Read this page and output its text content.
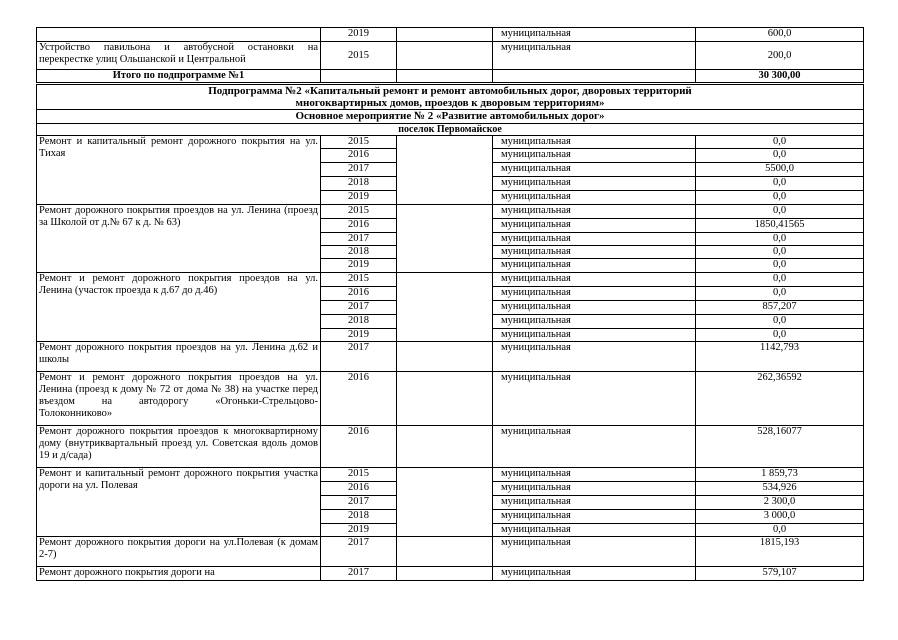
	2019		муниципальная	600,0
Устройство павильона и автобусной остановки на перекрестке улиц Ольшанской и Центральной	2015		муниципальная	200,0
Итого по подпрограмме №1				30 300,00
Подпрограмма №2 «Капитальный ремонт и ремонт автомобильных дорог, дворовых территорий многоквартирных домов, проездов к дворовым территориям»				
Основное мероприятие № 2 «Развитие автомобильных дорог»				
поселок Первомайское				
Ремонт и капитальный ремонт дорожного покрытия на ул. Тихая	2015		муниципальная	0,0
	2016		муниципальная	0,0
	2017		муниципальная	5500,0
	2018		муниципальная	0,0
	2019		муниципальная	0,0
Ремонт дорожного покрытия проездов на ул. Ленина (проезд за Школой от д.№ 67 к д. № 63)	2015		муниципальная	0,0
	2016		муниципальная	1850,41565
	2017		муниципальная	0,0
	2018		муниципальная	0,0
	2019		муниципальная	0,0
Ремонт и ремонт дорожного покрытия проездов на ул. Ленина (участок проезда к д.67 до д.46)	2015		муниципальная	0,0
	2016		муниципальная	0,0
	2017		муниципальная	857,207
	2018		муниципальная	0,0
	2019		муниципальная	0,0
Ремонт дорожного покрытия проездов на ул. Ленина д.62 и школы	2017		муниципальная	1142,793
Ремонт и ремонт дорожного покрытия проездов на ул. Ленина (проезд к дому № 72 от дома № 38) на участке перед въездом на автодорогу «Огоньки-Стрельцово-Толоконниково»	2016		муниципальная	262,36592
Ремонт дорожного покрытия проездов к многоквартирному дому (внутриквартальный проезд ул. Советская вдоль домов 19 и д/сада)	2016		муниципальная	528,16077
Ремонт и капитальный ремонт дорожного покрытия участка дороги на ул. Полевая	2015		муниципальная	1 859,73
	2016		муниципальная	534,926
	2017		муниципальная	2 300,0
	2018		муниципальная	3 000,0
	2019		муниципальная	0,0
Ремонт дорожного покрытия дороги на ул.Полевая (к домам 2-7)	2017		муниципальная	1815,193
Ремонт дорожного покрытия дороги на	2017		муниципальная	579,107
